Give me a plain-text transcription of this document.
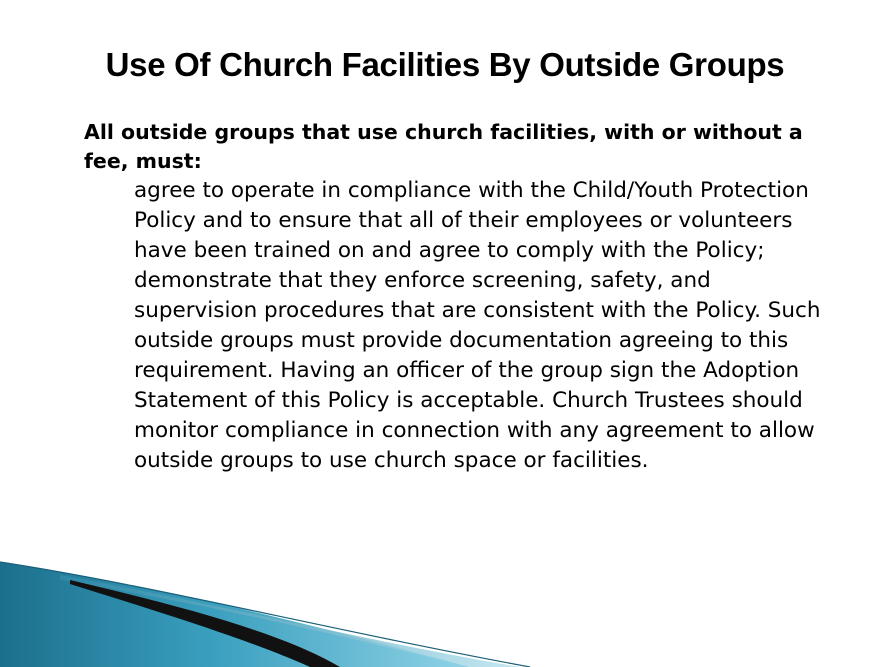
Use Of Church Facilities By Outside Groups

All outside groups that use church facilities, with or without a fee, must:

agree to operate in compliance with the Child/Youth Protection Policy and to ensure that all of their employees or volunteers have been trained on and agree to comply with the Policy; demonstrate that they enforce screening, safety, and supervision procedures that are consistent with the Policy. Such outside groups must provide documentation agreeing to this requirement. Having an officer of the group sign the Adoption Statement of this Policy is acceptable. Church Trustees should monitor compliance in connection with any agreement to allow outside groups to use church space or facilities.
